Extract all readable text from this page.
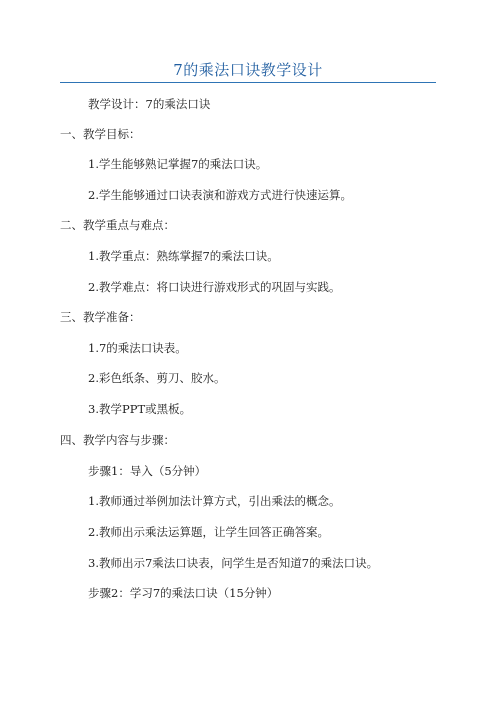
7的乘法口诀教学设计
教学设计：7的乘法口诀
一、教学目标：
1.学生能够熟记掌握7的乘法口诀。
2.学生能够通过口诀表演和游戏方式进行快速运算。
二、教学重点与难点：
1.教学重点：熟练掌握7的乘法口诀。
2.教学难点：将口诀进行游戏形式的巩固与实践。
三、教学准备：
1.7的乘法口诀表。
2.彩色纸条、剪刀、胶水。
3.教学PPT或黑板。
四、教学内容与步骤：
步骤1：导入（5分钟）
1.教师通过举例加法计算方式，引出乘法的概念。
2.教师出示乘法运算题，让学生回答正确答案。
3.教师出示7乘法口诀表，问学生是否知道7的乘法口诀。
步骤2：学习7的乘法口诀（15分钟）
